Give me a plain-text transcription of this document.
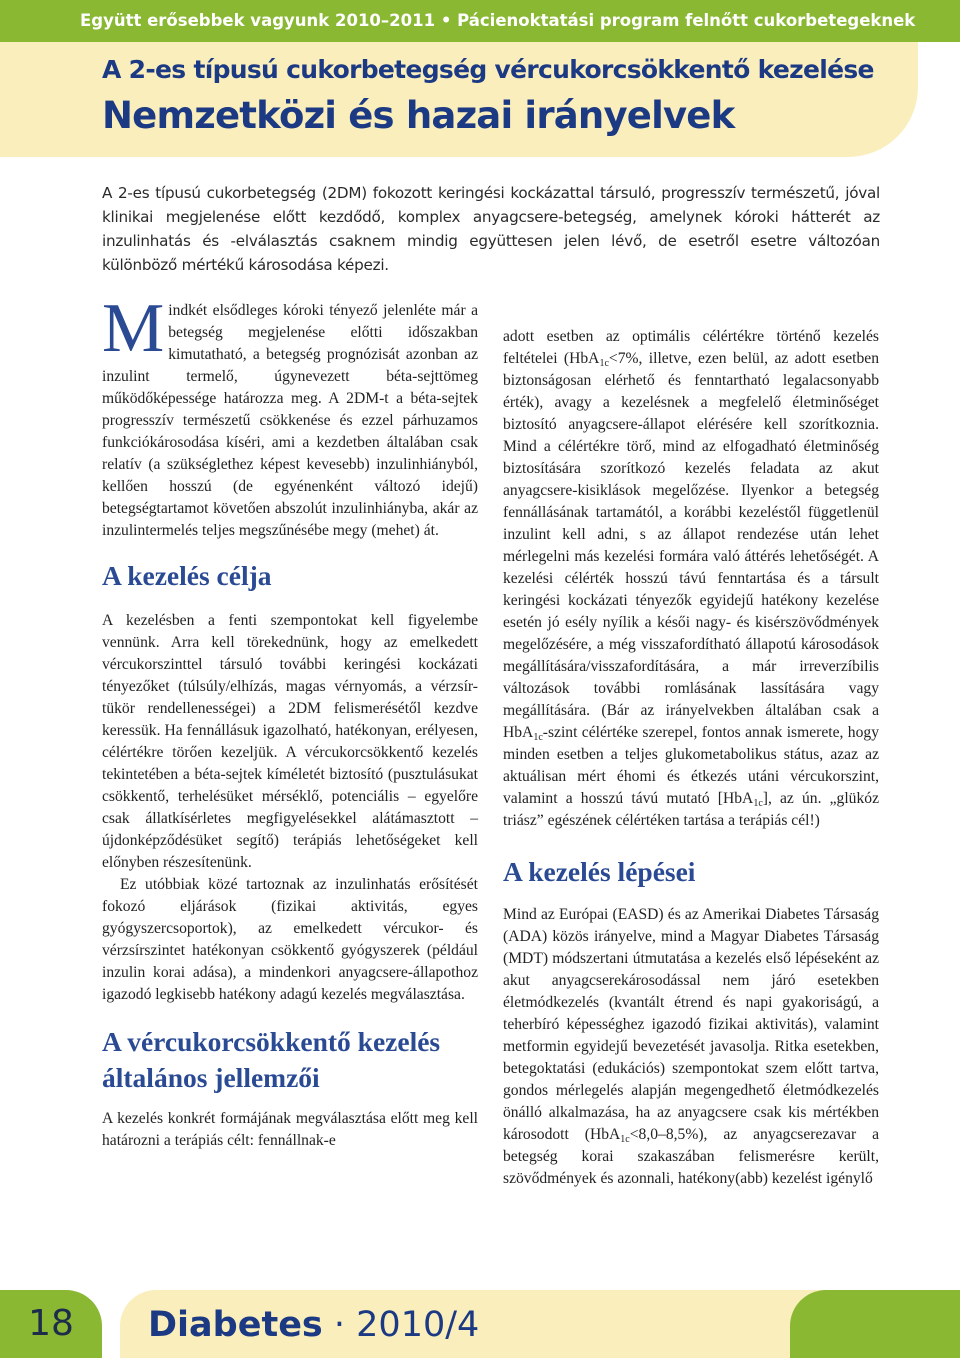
Együtt erősebbek vagyunk 2010–2011 • Pácienoktatási program felnőtt cukorbetegeknek
A 2-es típusú cukorbetegség vércukorcsökkentő kezelése
Nemzetközi és hazai irányelvek

A 2-es típusú cukorbetegség (2DM) fokozott keringési kockázattal társuló, progresszív természetű, jóval klinikai megjelenése előtt kezdődő, komplex anyagcsere-betegség, amelynek kóroki hátterét az inzulinhatás és -elválasztás csaknem mindig együttesen jelen lévő, de esetről esetre változóan különböző mértékű károsodása képezi.

Mindkét elsődleges kóroki tényező jelenléte már a betegség megjelenése előtti időszakban kimutatható, a betegség prognózisát azonban az inzulint termelő, úgynevezett béta-sejttömeg működőképessége határozza meg. A 2DM-t a béta-sejtek progresszív természetű csökkenése és ezzel párhuzamos funkciókárosodása kíséri, ami a kezdetben általában csak relatív (a szükséglethez képest kevesebb) inzulinhiányból, kellően hosszú (de egyénenként változó idejű) betegségtartamot követően abszolút inzulinhiányba, akár az inzulintermelés teljes megszűnésébe megy (mehet) át.

A kezelés célja

A kezelésben a fenti szempontokat kell figyelembe vennünk. Arra kell törekednünk, hogy az emelkedett vércukorszinttel társuló további keringési kockázati tényezőket (túlsúly/elhízás, magas vérnyomás, a vérzsír-tükör rendellenességei) a 2DM felismerésétől kezdve keressük. Ha fennállásuk igazolható, hatékonyan, erélyesen, célértékre törően kezeljük. A vércukorcsökkentő kezelés tekintetében a béta-sejtek kíméletét biztosító (pusztulásukat csökkentő, terhelésüket mérséklő, potenciális – egyelőre csak állatkísérletes megfigyelésekkel alátámasztott – újdonképződésüket segítő) terápiás lehetőségeket kell előnyben részesítenünk.

Ez utóbbiak közé tartoznak az inzulinhatás erősítését fokozó eljárások (fizikai aktivitás, egyes gyógyszercsoportok), az emelkedett vércukor- és vérzsírszintet hatékonyan csökkentő gyógyszerek (például inzulin korai adása), a mindenkori anyagcsere-állapothoz igazodó legkisebb hatékony adagú kezelés megválasztása.

A vércukorcsökkentő kezelés általános jellemzői

A kezelés konkrét formájának megválasztása előtt meg kell határozni a terápiás célt: fennállnak-e

adott esetben az optimális célértékre történő kezelés feltételei (HbA$_{1c}$<7%, illetve, ezen belül, az adott esetben biztonságosan elérhető és fenntartható legalacsonyabb érték), avagy a kezelésnek a megfelelő életminőséget biztosító anyagcsere-állapot elérésére kell szorítkoznia. Mind a célértékre törő, mind az elfogadható életminőség biztosítására szorítkozó kezelés feladata az akut anyagcsere-kisiklások megelőzése. Ilyenkor a betegség fennállásának tartamától, a korábbi kezeléstől függetlenül inzulint kell adni, s az állapot rendezése után lehet mérlegelni más kezelési formára való áttérés lehetőségét. A kezelési célérték hosszú távú fenntartása és a társult keringési kockázati tényezők egyidejű hatékony kezelése esetén jó esély nyílik a késői nagy- és kisérszövődmények megelőzésére, a még visszafordítható állapotú károsodások megállítására/visszafordítására, a már irreverzíbilis változások további romlásának lassítására vagy megállítására. (Bár az irányelvekben általában csak a HbA$_{1c}$-szint célértéke szerepel, fontos annak ismerete, hogy minden esetben a teljes glukometabolikus státus, azaz az aktuálisan mért éhomi és étkezés utáni vércukorszint, valamint a hosszú távú mutató [HbA$_{1c}$], az ún. „glükóz triász” egészének célértéken tartása a terápiás cél!)

A kezelés lépései

Mind az Európai (EASD) és az Amerikai Diabetes Társaság (ADA) közös irányelve, mind a Magyar Diabetes Társaság (MDT) módszertani útmutatása a kezelés első lépéseként az akut anyagcserekárosodással nem járó esetekben életmódkezelés (kvantált étrend és napi gyakoriságú, a teherbíró képességhez igazodó fizikai aktivitás), valamint metformin egyidejű bevezetését javasolja. Ritka esetekben, betegoktatási (edukációs) szempontokat szem előtt tartva, gondos mérlegelés alapján megengedhető életmódkezelés önálló alkalmazása, ha az anyagcsere csak kis mértékben károsodott (HbA$_{1c}$<8,0–8,5%), az anyagcserezavar a betegség korai szakaszában felismerésre került, szövődmények és azonnali, hatékony(abb) kezelést igénylő

18	Diabetes · 2010/4
